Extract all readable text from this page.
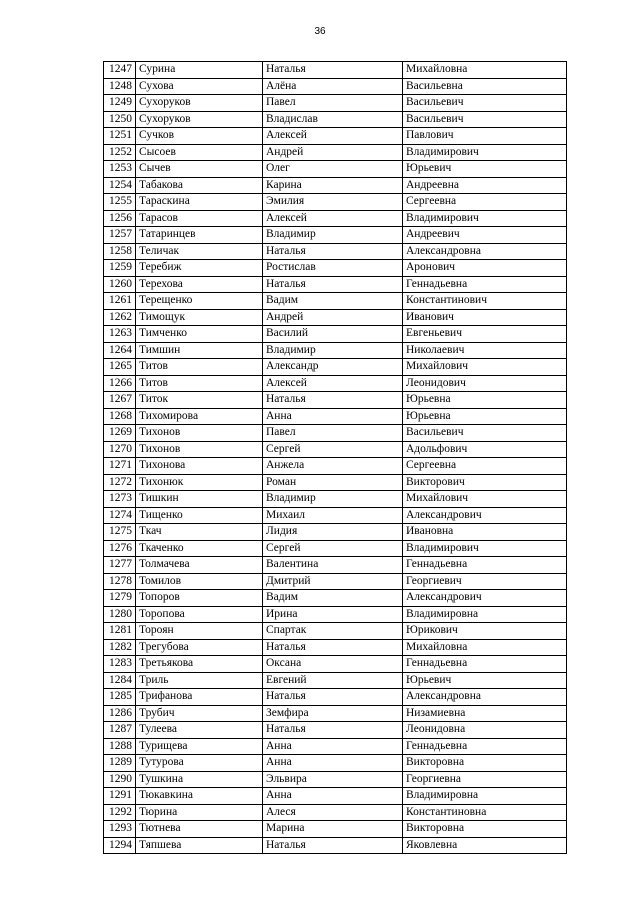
36
1247	Сурина	Наталья	Михайловна
1248	Сухова	Алёна	Васильевна
1249	Сухоруков	Павел	Васильевич
1250	Сухоруков	Владислав	Васильевич
1251	Сучков	Алексей	Павлович
1252	Сысоев	Андрей	Владимирович
1253	Сычев	Олег	Юрьевич
1254	Табакова	Карина	Андреевна
1255	Тараскина	Эмилия	Сергеевна
1256	Тарасов	Алексей	Владимирович
1257	Татаринцев	Владимир	Андреевич
1258	Теличак	Наталья	Александровна
1259	Теребиж	Ростислав	Аронович
1260	Терехова	Наталья	Геннадьевна
1261	Терещенко	Вадим	Константинович
1262	Тимощук	Андрей	Иванович
1263	Тимченко	Василий	Евгеньевич
1264	Тимшин	Владимир	Николаевич
1265	Титов	Александр	Михайлович
1266	Титов	Алексей	Леонидович
1267	Титок	Наталья	Юрьевна
1268	Тихомирова	Анна	Юрьевна
1269	Тихонов	Павел	Васильевич
1270	Тихонов	Сергей	Адольфович
1271	Тихонова	Анжела	Сергеевна
1272	Тихонюк	Роман	Викторович
1273	Тишкин	Владимир	Михайлович
1274	Тищенко	Михаил	Александрович
1275	Ткач	Лидия	Ивановна
1276	Ткаченко	Сергей	Владимирович
1277	Толмачева	Валентина	Геннадьевна
1278	Томилов	Дмитрий	Георгиевич
1279	Топоров	Вадим	Александрович
1280	Торопова	Ирина	Владимировна
1281	Тороян	Спартак	Юрикович
1282	Трегубова	Наталья	Михайловна
1283	Третьякова	Оксана	Геннадьевна
1284	Триль	Евгений	Юрьевич
1285	Трифанова	Наталья	Александровна
1286	Трубич	Земфира	Низамиевна
1287	Тулеева	Наталья	Леонидовна
1288	Турищева	Анна	Геннадьевна
1289	Тутурова	Анна	Викторовна
1290	Тушкина	Эльвира	Георгиевна
1291	Тюкавкина	Анна	Владимировна
1292	Тюрина	Алеся	Константиновна
1293	Тютнева	Марина	Викторовна
1294	Тяпшева	Наталья	Яковлевна
